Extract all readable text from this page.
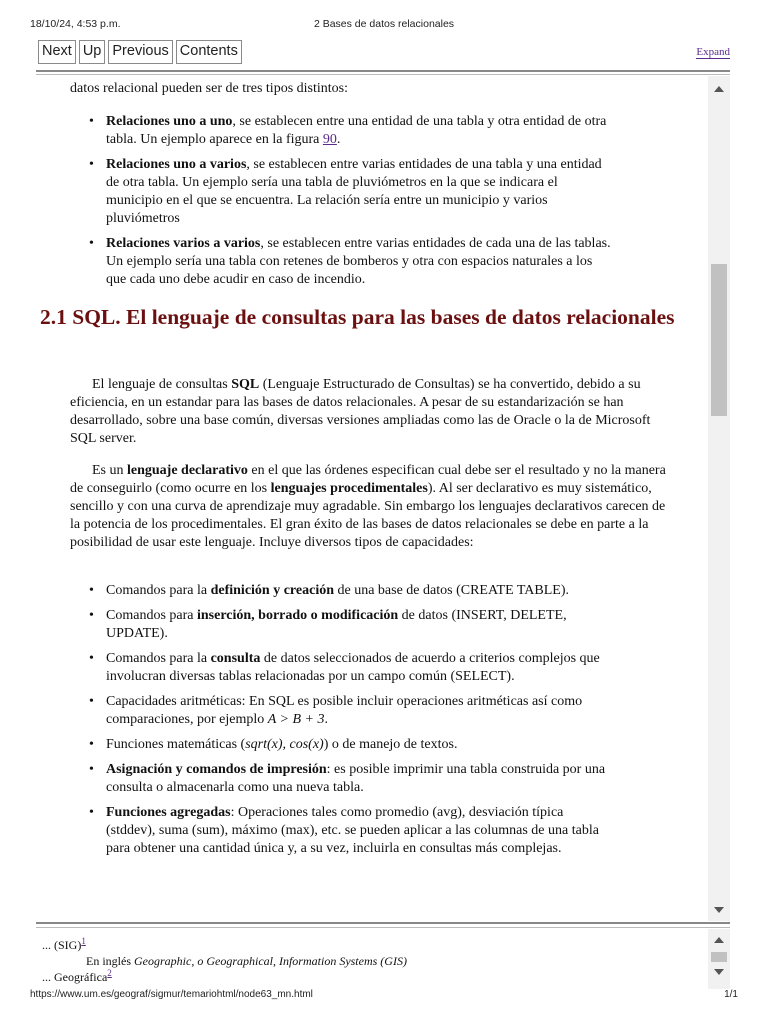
18/10/24, 4:53 p.m.	2 Bases de datos relacionales
Next Up Previous Contents	Expand

datos relacional pueden ser de tres tipos distintos:

• Relaciones uno a uno, se establecen entre una entidad de una tabla y otra entidad de otra tabla. Un ejemplo aparece en la figura 90.
• Relaciones uno a varios, se establecen entre varias entidades de una tabla y una entidad de otra tabla. Un ejemplo sería una tabla de pluviómetros en la que se indicara el municipio en el que se encuentra. La relación sería entre un municipio y varios pluviómetros
• Relaciones varios a varios, se establecen entre varias entidades de cada una de las tablas. Un ejemplo sería una tabla con retenes de bomberos y otra con espacios naturales a los que cada uno debe acudir en caso de incendio.
2.1 SQL. El lenguaje de consultas para las bases de datos relacionales

El lenguaje de consultas SQL (Lenguaje Estructurado de Consultas) se ha convertido, debido a su eficiencia, en un estandar para las bases de datos relacionales. A pesar de su estandarización se han desarrollado, sobre una base común, diversas versiones ampliadas como las de Oracle o la de Microsoft SQL server.

Es un lenguaje declarativo en el que las órdenes especifican cual debe ser el resultado y no la manera de conseguirlo (como ocurre en los lenguajes procedimentales). Al ser declarativo es muy sistemático, sencillo y con una curva de aprendizaje muy agradable. Sin embargo los lenguajes declarativos carecen de la potencia de los procedimentales. El gran éxito de las bases de datos relacionales se debe en parte a la posibilidad de usar este lenguaje. Incluye diversos tipos de capacidades:

• Comandos para la definición y creación de una base de datos (CREATE TABLE).
• Comandos para inserción, borrado o modificación de datos (INSERT, DELETE, UPDATE).
• Comandos para la consulta de datos seleccionados de acuerdo a criterios complejos que involucran diversas tablas relacionadas por un campo común (SELECT).
• Capacidades aritméticas: En SQL es posible incluir operaciones aritméticas así como comparaciones, por ejemplo A > B + 3.
• Funciones matemáticas (sqrt(x), cos(x)) o de manejo de textos.
• Asignación y comandos de impresión: es posible imprimir una tabla construida por una consulta o almacenarla como una nueva tabla.
• Funciones agregadas: Operaciones tales como promedio (avg), desviación típica (stddev), suma (sum), máximo (max), etc. se pueden aplicar a las columnas de una tabla para obtener una cantidad única y, a su vez, incluirla en consultas más complejas.
... (SIG)$^1$
En inglés Geographic, o Geographical, Information Systems (GIS)
... Geográfica$^2$
https://www.um.es/geograf/sigmur/temariohtml/node63_mn.html	1/1
